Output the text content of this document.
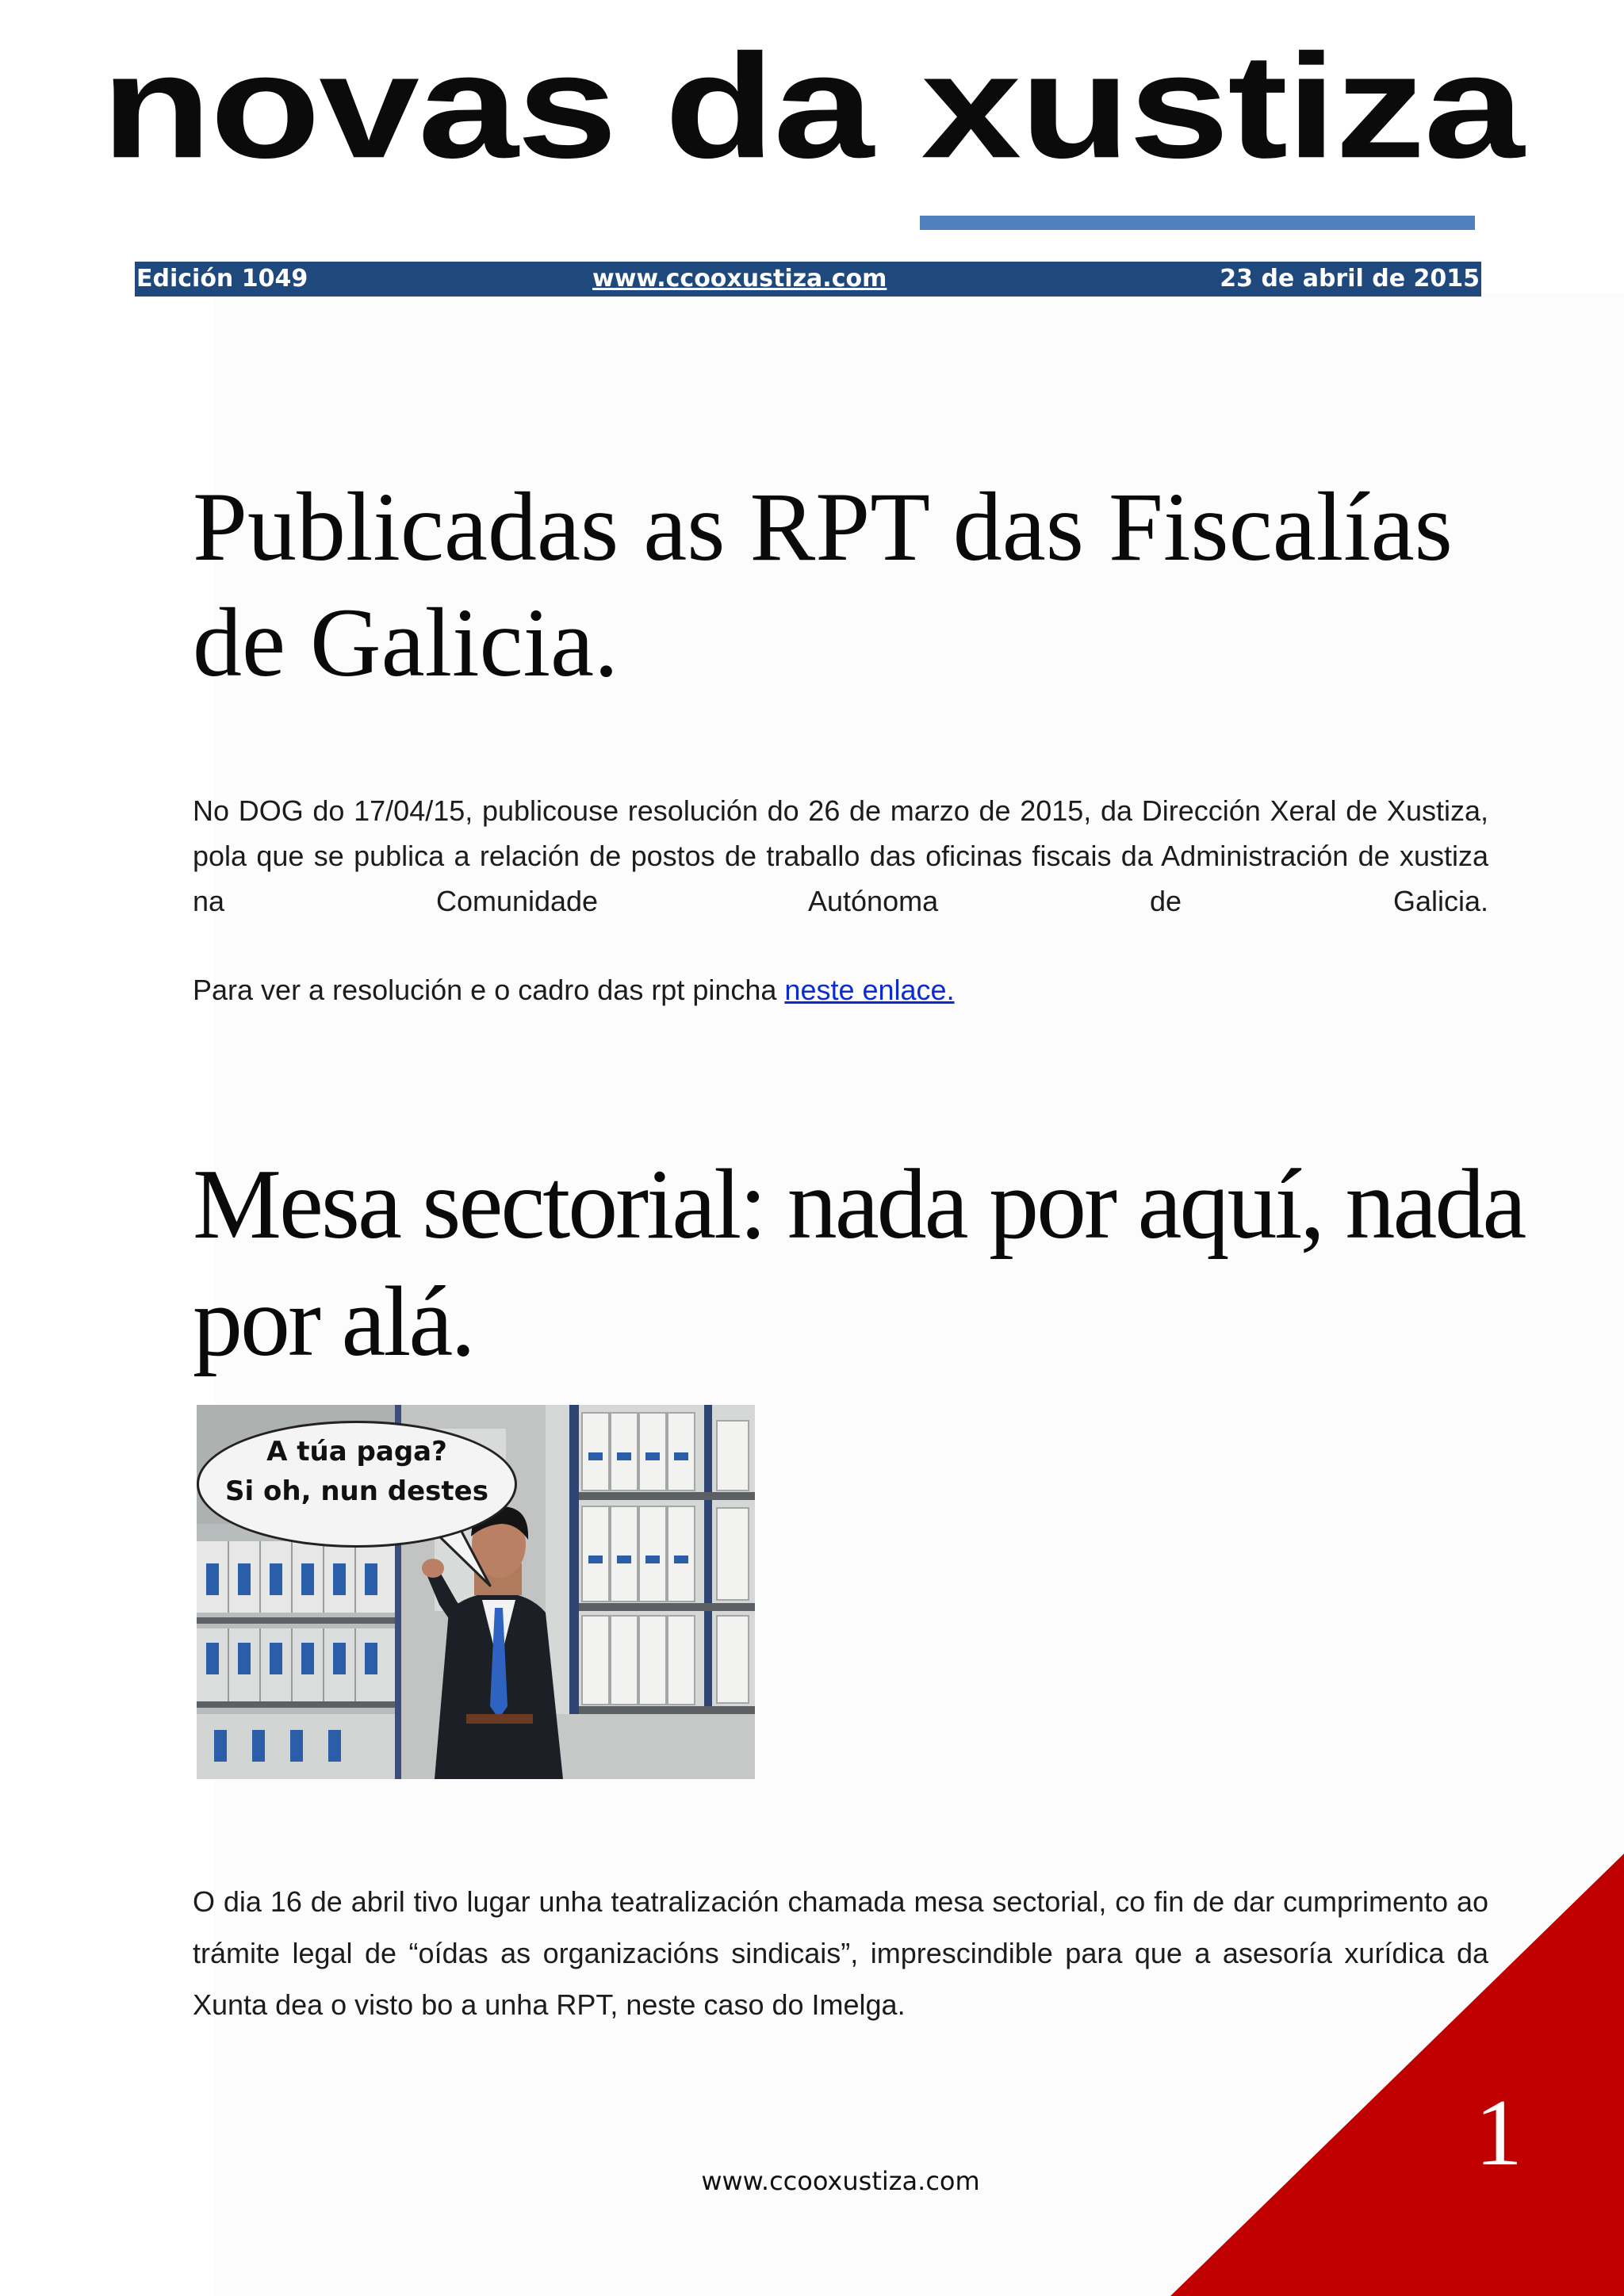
novas da xustiza
Edición 1049	www.ccooxustiza.com	23 de abril de 2015
Publicadas as RPT das Fiscalías de Galicia.

No DOG do 17/04/15, publicouse resolución do 26 de marzo de 2015, da Dirección Xeral de Xustiza, pola que se publica a relación de postos de traballo das oficinas fiscais da Administración de xustiza na Comunidade Autónoma de Galicia.

Para ver a resolución e o cadro das rpt pincha neste enlace.

Mesa sectorial: nada por aquí, nada por alá.
A túa paga?
Si oh, nun destes

O dia 16 de abril tivo lugar unha teatralización chamada mesa sectorial, co fin de dar cumprimento ao trámite legal de “oídas as organizacións sindicais”, imprescindible para que a asesoría xurídica da Xunta dea o visto bo a unha RPT, neste caso do Imelga.

1
www.ccooxustiza.com
